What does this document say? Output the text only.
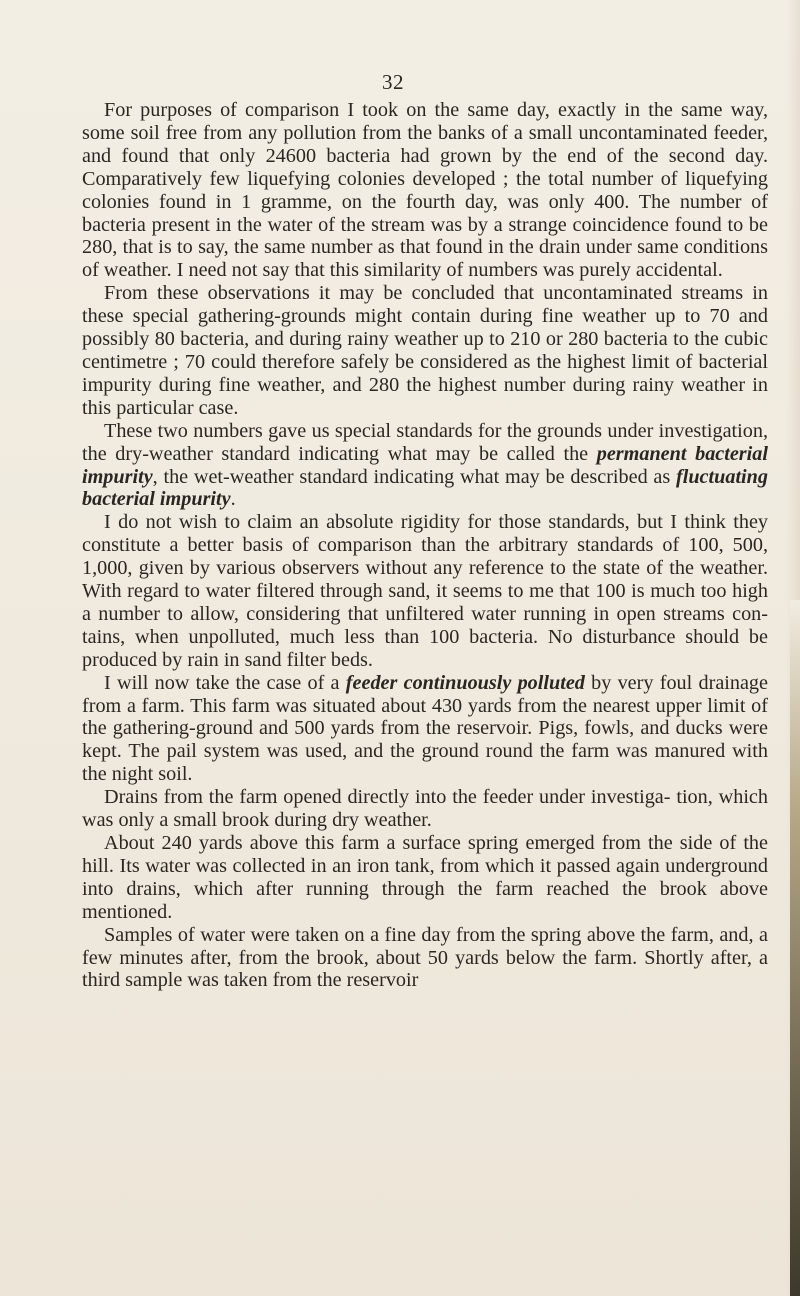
32

For purposes of comparison I took on the same day, exactly in the same way, some soil free from any pollution from the banks of a small uncontaminated feeder, and found that only 24600 bacteria had grown by the end of the second day. Comparatively few liquefying colonies developed ; the total number of liquefying colonies found in 1 gramme, on the fourth day, was only 400. The number of bacteria present in the water of the stream was by a strange coincidence found to be 280, that is to say, the same number as that found in the drain under same conditions of weather. I need not say that this similarity of numbers was purely accidental.

From these observations it may be concluded that uncontaminated streams in these special gathering-grounds might contain during fine weather up to 70 and possibly 80 bacteria, and during rainy weather up to 210 or 280 bacteria to the cubic centimetre ; 70 could therefore safely be considered as the highest limit of bacterial impurity during fine weather, and 280 the highest number during rainy weather in this particular case.

These two numbers gave us special standards for the grounds under investigation, the dry-weather standard indicating what may be called the permanent bacterial impurity, the wet-weather standard indicating what may be described as fluctuating bacterial impurity.

I do not wish to claim an absolute rigidity for those standards, but I think they constitute a better basis of comparison than the arbitrary standards of 100, 500, 1,000, given by various observers without any reference to the state of the weather. With regard to water filtered through sand, it seems to me that 100 is much too high a number to allow, considering that unfiltered water running in open streams con- tains, when unpolluted, much less than 100 bacteria. No disturbance should be produced by rain in sand filter beds.

I will now take the case of a feeder continuously polluted by very foul drainage from a farm. This farm was situated about 430 yards from the nearest upper limit of the gathering-ground and 500 yards from the reservoir. Pigs, fowls, and ducks were kept. The pail system was used, and the ground round the farm was manured with the night soil.

Drains from the farm opened directly into the feeder under investiga- tion, which was only a small brook during dry weather.

About 240 yards above this farm a surface spring emerged from the side of the hill. Its water was collected in an iron tank, from which it passed again underground into drains, which after running through the farm reached the brook above mentioned.

Samples of water were taken on a fine day from the spring above the farm, and, a few minutes after, from the brook, about 50 yards below the farm. Shortly after, a third sample was taken from the reservoir
